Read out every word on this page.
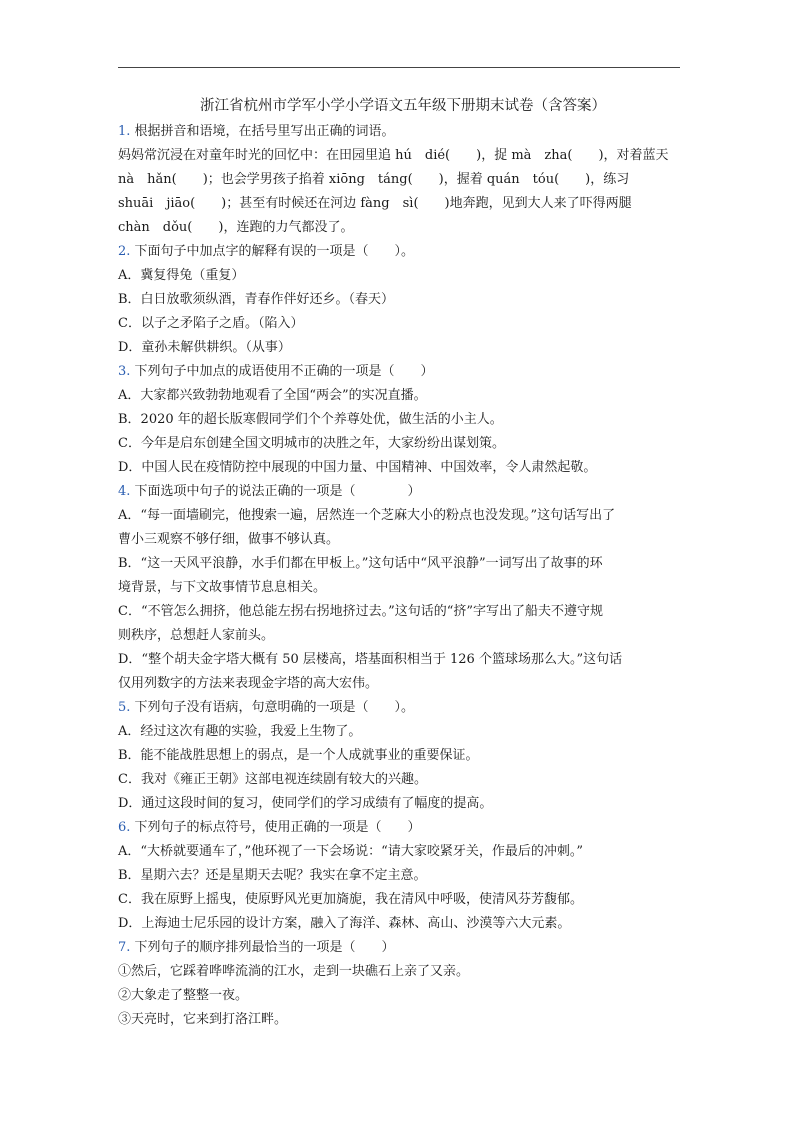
浙江省杭州市学军小学小学语文五年级下册期末试卷（含答案）
1. 根据拼音和语境，在括号里写出正确的词语。
妈妈常沉浸在对童年时光的回忆中：在田园里追 hú　dié(　　)，捉 mà　zha(　　)，对着蓝天
nà　hǎn(　　)；也会学男孩子掐着 xiōng　táng(　　)，握着 quán　tóu(　　)，练习
shuāi　jiāo(　　)；甚至有时候还在河边 fàng　sì(　　)地奔跑，见到大人来了吓得两腿
chàn　dǒu(　　)，连跑的力气都没了。
2. 下面句子中加点字的解释有误的一项是（　　）。
A．冀复得兔（重复）
B．白日放歌须纵酒，青春作伴好还乡。（春天）
C．以子之矛陷子之盾。（陷入）
D．童孙未解供耕织。（从事）
3. 下列句子中加点的成语使用不正确的一项是（　　）
A．大家都兴致勃勃地观看了全国“两会”的实况直播。
B．2020 年的超长版寒假同学们个个养尊处优，做生活的小主人。
C．今年是启东创建全国文明城市的决胜之年，大家纷纷出谋划策。
D．中国人民在疫情防控中展现的中国力量、中国精神、中国效率，令人肃然起敬。
4. 下面选项中句子的说法正确的一项是（　　　　）
A．“每一面墙刷完，他搜索一遍，居然连一个芝麻大小的粉点也没发现。”这句话写出了
曹小三观察不够仔细，做事不够认真。
B．“这一天风平浪静，水手们都在甲板上。”这句话中“风平浪静”一词写出了故事的环
境背景，与下文故事情节息息相关。
C．“不管怎么拥挤，他总能左拐右拐地挤过去。”这句话的“挤”字写出了船夫不遵守规
则秩序，总想赶人家前头。
D．“整个胡夫金字塔大概有 50 层楼高，塔基面积相当于 126 个篮球场那么大。”这句话
仅用列数字的方法来表现金字塔的高大宏伟。
5. 下列句子没有语病，句意明确的一项是（　　）。
A．经过这次有趣的实验，我爱上生物了。
B．能不能战胜思想上的弱点，是一个人成就事业的重要保证。
C．我对《雍正王朝》这部电视连续剧有较大的兴趣。
D．通过这段时间的复习，使同学们的学习成绩有了幅度的提高。
6. 下列句子的标点符号，使用正确的一项是（　　）
A．“大桥就要通车了，”他环视了一下会场说：“请大家咬紧牙关，作最后的冲刺。”
B．星期六去？还是星期天去呢？我实在拿不定主意。
C．我在原野上摇曳，使原野风光更加旖旎，我在清风中呼吸，使清风芬芳馥郁。
D．上海迪士尼乐园的设计方案，融入了海洋、森林、高山、沙漠等六大元素。
7. 下列句子的顺序排列最恰当的一项是（　　）
①然后，它踩着哗哗流淌的江水，走到一块礁石上亲了又亲。
②大象走了整整一夜。
③天亮时，它来到打洛江畔。
